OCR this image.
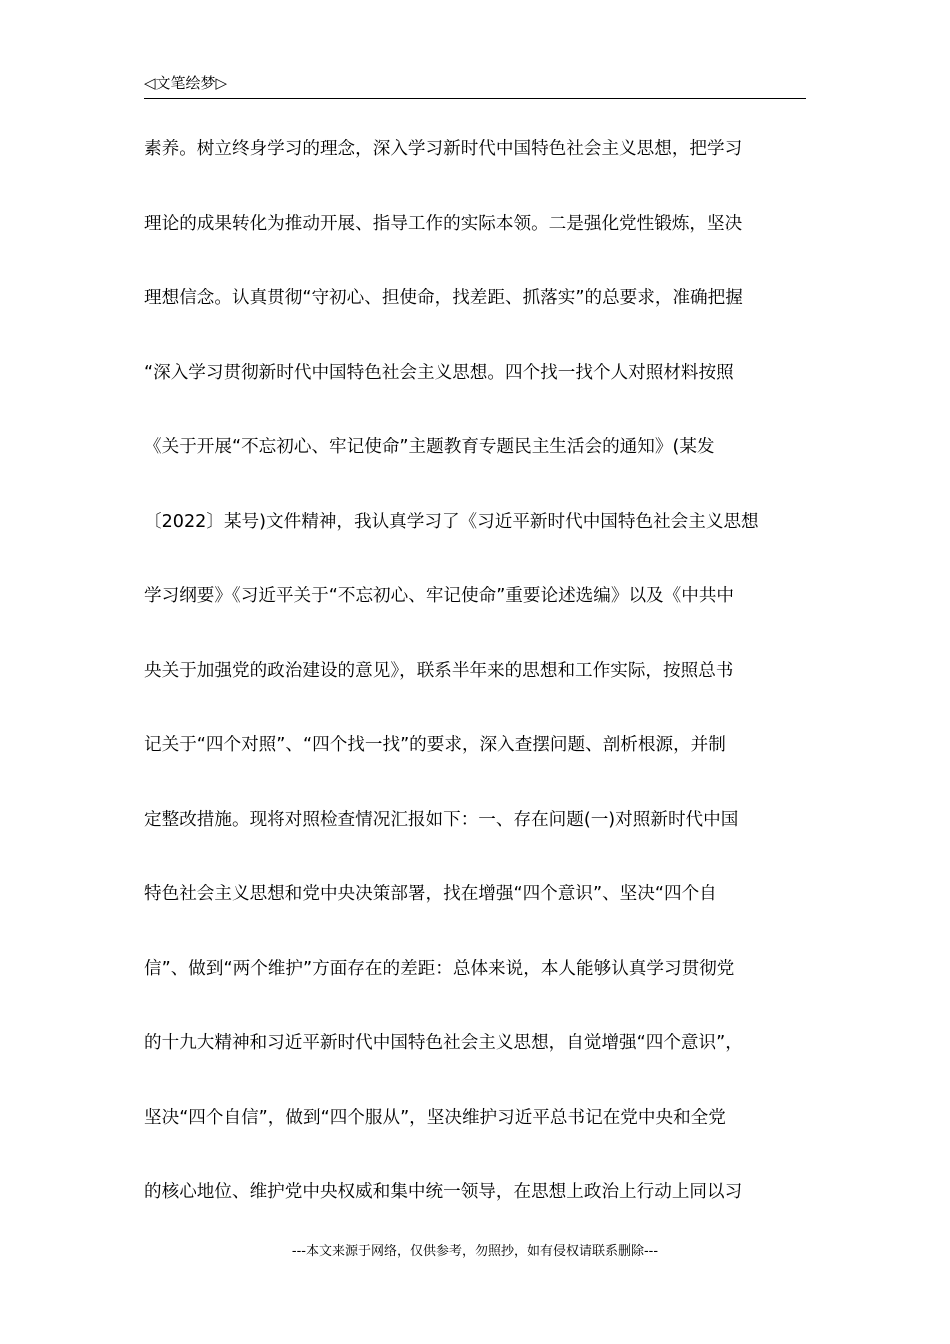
◁文笔绘梦▷
素养。树立终身学习的理念，深入学习新时代中国特色社会主义思想，把学习
理论的成果转化为推动开展、指导工作的实际本领。二是强化党性锻炼，坚决
理想信念。认真贯彻“守初心、担使命，找差距、抓落实”的总要求，准确把握
“深入学习贯彻新时代中国特色社会主义思想。四个找一找个人对照材料按照
《关于开展“不忘初心、牢记使命”主题教育专题民主生活会的通知》(某发
〔2022〕某号)文件精神，我认真学习了《习近平新时代中国特色社会主义思想
学习纲要》《习近平关于“不忘初心、牢记使命”重要论述选编》以及《中共中
央关于加强党的政治建设的意见》，联系半年来的思想和工作实际，按照总书
记关于“四个对照”、“四个找一找”的要求，深入查摆问题、剖析根源，并制
定整改措施。现将对照检查情况汇报如下：一、存在问题(一)对照新时代中国
特色社会主义思想和党中央决策部署，找在增强“四个意识”、坚决“四个自
信”、做到“两个维护”方面存在的差距：总体来说，本人能够认真学习贯彻党
的十九大精神和习近平新时代中国特色社会主义思想，自觉增强“四个意识”，
坚决“四个自信”，做到“四个服从”，坚决维护习近平总书记在党中央和全党
的核心地位、维护党中央权威和集中统一领导，在思想上政治上行动上同以习
---本文来源于网络，仅供参考，勿照抄，如有侵权请联系删除---
